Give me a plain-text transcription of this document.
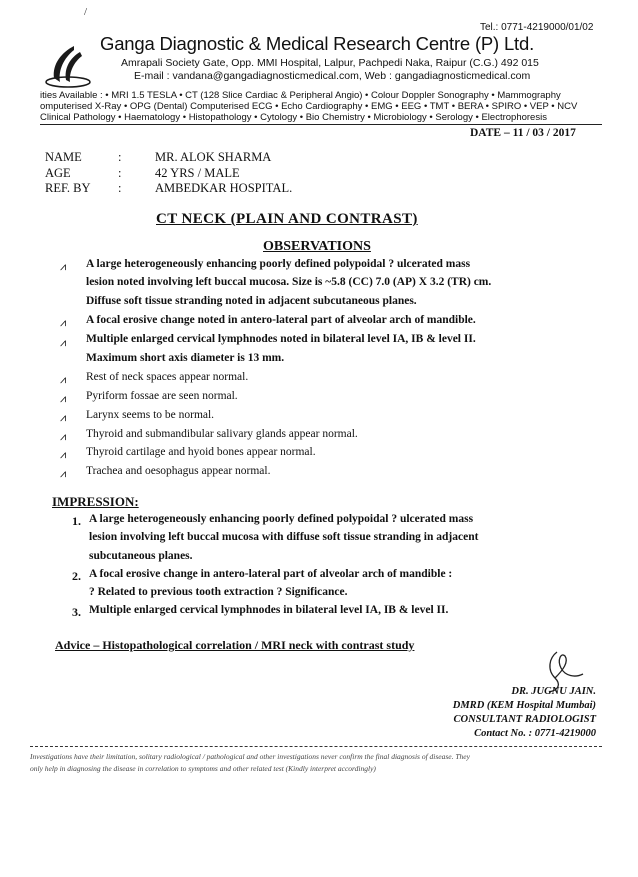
/
Tel.: 0771-4219000/01/02
Ganga Diagnostic & Medical Research Centre (P) Ltd.
Amrapali Society Gate, Opp. MMI Hospital, Lalpur, Pachpedi Naka, Raipur (C.G.) 492 015
E-mail : vandana@gangadiagnosticmedical.com, Web : gangadiagnosticmedical.com
ities Available : • MRI 1.5 TESLA • CT (128 Slice Cardiac & Peripheral Angio) • Colour Doppler Sonography • Mammography
omputerised X-Ray • OPG (Dental) Computerised ECG • Echo Cardiography • EMG • EEG • TMT • BERA • SPIRO • VEP • NCV
Clinical Pathology • Haematology • Histopathology • Cytology • Bio Chemistry • Microbiology • Serology • Electrophoresis
DATE – 11 / 03 / 2017
NAME	:	MR. ALOK SHARMA
AGE	:	42 YRS / MALE
REF. BY :	AMBEDKAR HOSPITAL.
CT NECK (PLAIN AND CONTRAST)
OBSERVATIONS
⩘ A large heterogeneously enhancing poorly defined polypoidal ? ulcerated mass
lesion noted involving left buccal mucosa. Size is ~5.8 (CC) 7.0 (AP) X 3.2 (TR) cm.
Diffuse soft tissue stranding noted in adjacent subcutaneous planes.
⩘ A focal erosive change noted in antero-lateral part of alveolar arch of mandible.
⩘ Multiple enlarged cervical lymphnodes noted in bilateral level IA, IB & level II.
Maximum short axis diameter is 13 mm.
⩘ Rest of neck spaces appear normal.
⩘ Pyriform fossae are seen normal.
⩘ Larynx seems to be normal.
⩘ Thyroid and submandibular salivary glands appear normal.
⩘ Thyroid cartilage and hyoid bones appear normal.
⩘ Trachea and oesophagus appear normal.
IMPRESSION:
1. A large heterogeneously enhancing poorly defined polypoidal ? ulcerated mass
lesion involving left buccal mucosa with diffuse soft tissue stranding in adjacent
subcutaneous planes.
2. A focal erosive change in antero-lateral part of alveolar arch of mandible :
? Related to previous tooth extraction ? Significance.
3. Multiple enlarged cervical lymphnodes in bilateral level IA, IB & level II.
Advice – Histopathological correlation / MRI neck with contrast study
DR. JUGNU JAIN.
DMRD (KEM Hospital Mumbai)
CONSULTANT RADIOLOGIST
Contact No. : 0771-4219000
Investigations have their limitation, solitary radiological / pathological and other investigations never confirm the final diagnosis of disease. They
only help in diagnosing the disease in correlation to symptoms and other related test (Kindly interpret accordingly)
